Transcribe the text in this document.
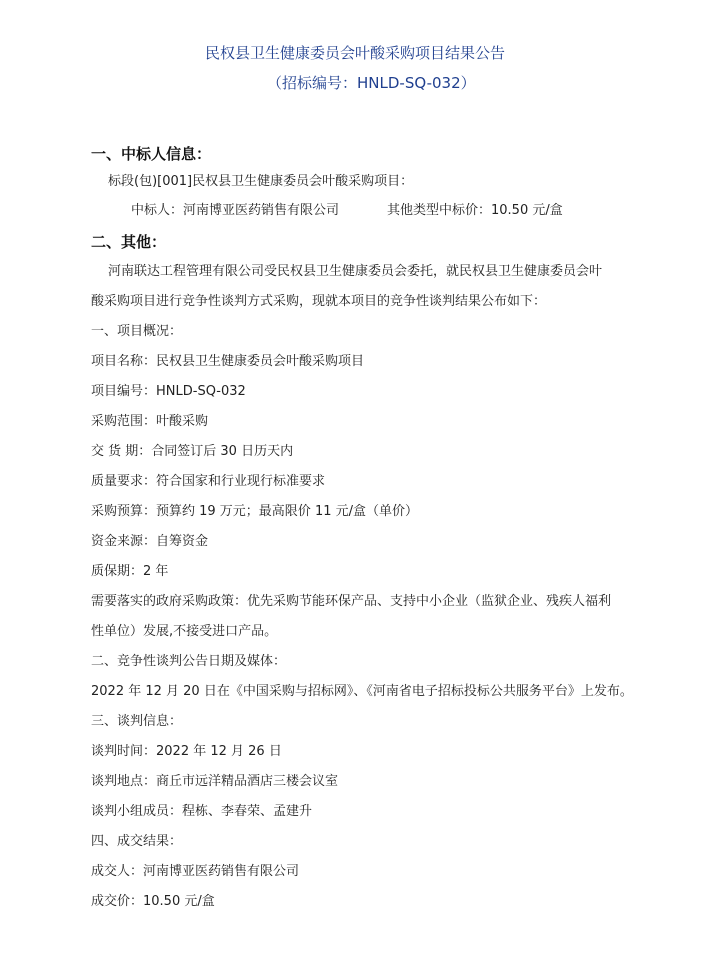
民权县卫生健康委员会叶酸采购项目结果公告
（招标编号：HNLD-SQ-032）
一、中标人信息：
标段(包)[001]民权县卫生健康委员会叶酸采购项目：
中标人：河南博亚医药销售有限公司	其他类型中标价：10.50 元/盒
二、其他：
河南联达工程管理有限公司受民权县卫生健康委员会委托，就民权县卫生健康委员会叶
酸采购项目进行竞争性谈判方式采购，现就本项目的竞争性谈判结果公布如下：
一、项目概况：
项目名称：民权县卫生健康委员会叶酸采购项目
项目编号：HNLD-SQ-032
采购范围：叶酸采购
交 货 期：合同签订后 30 日历天内
质量要求：符合国家和行业现行标准要求
采购预算：预算约 19 万元；最高限价 11 元/盒（单价）
资金来源：自筹资金
质保期：2 年
需要落实的政府采购政策：优先采购节能环保产品、支持中小企业（监狱企业、残疾人福利
性单位）发展,不接受进口产品。
二、竞争性谈判公告日期及媒体：
2022 年 12 月 20 日在《中国采购与招标网》、《河南省电子招标投标公共服务平台》上发布。
三、谈判信息：
谈判时间：2022 年 12 月 26 日
谈判地点：商丘市远洋精品酒店三楼会议室
谈判小组成员：程栋、李春荣、孟建升
四、成交结果：
成交人：河南博亚医药销售有限公司
成交价：10.50 元/盒
